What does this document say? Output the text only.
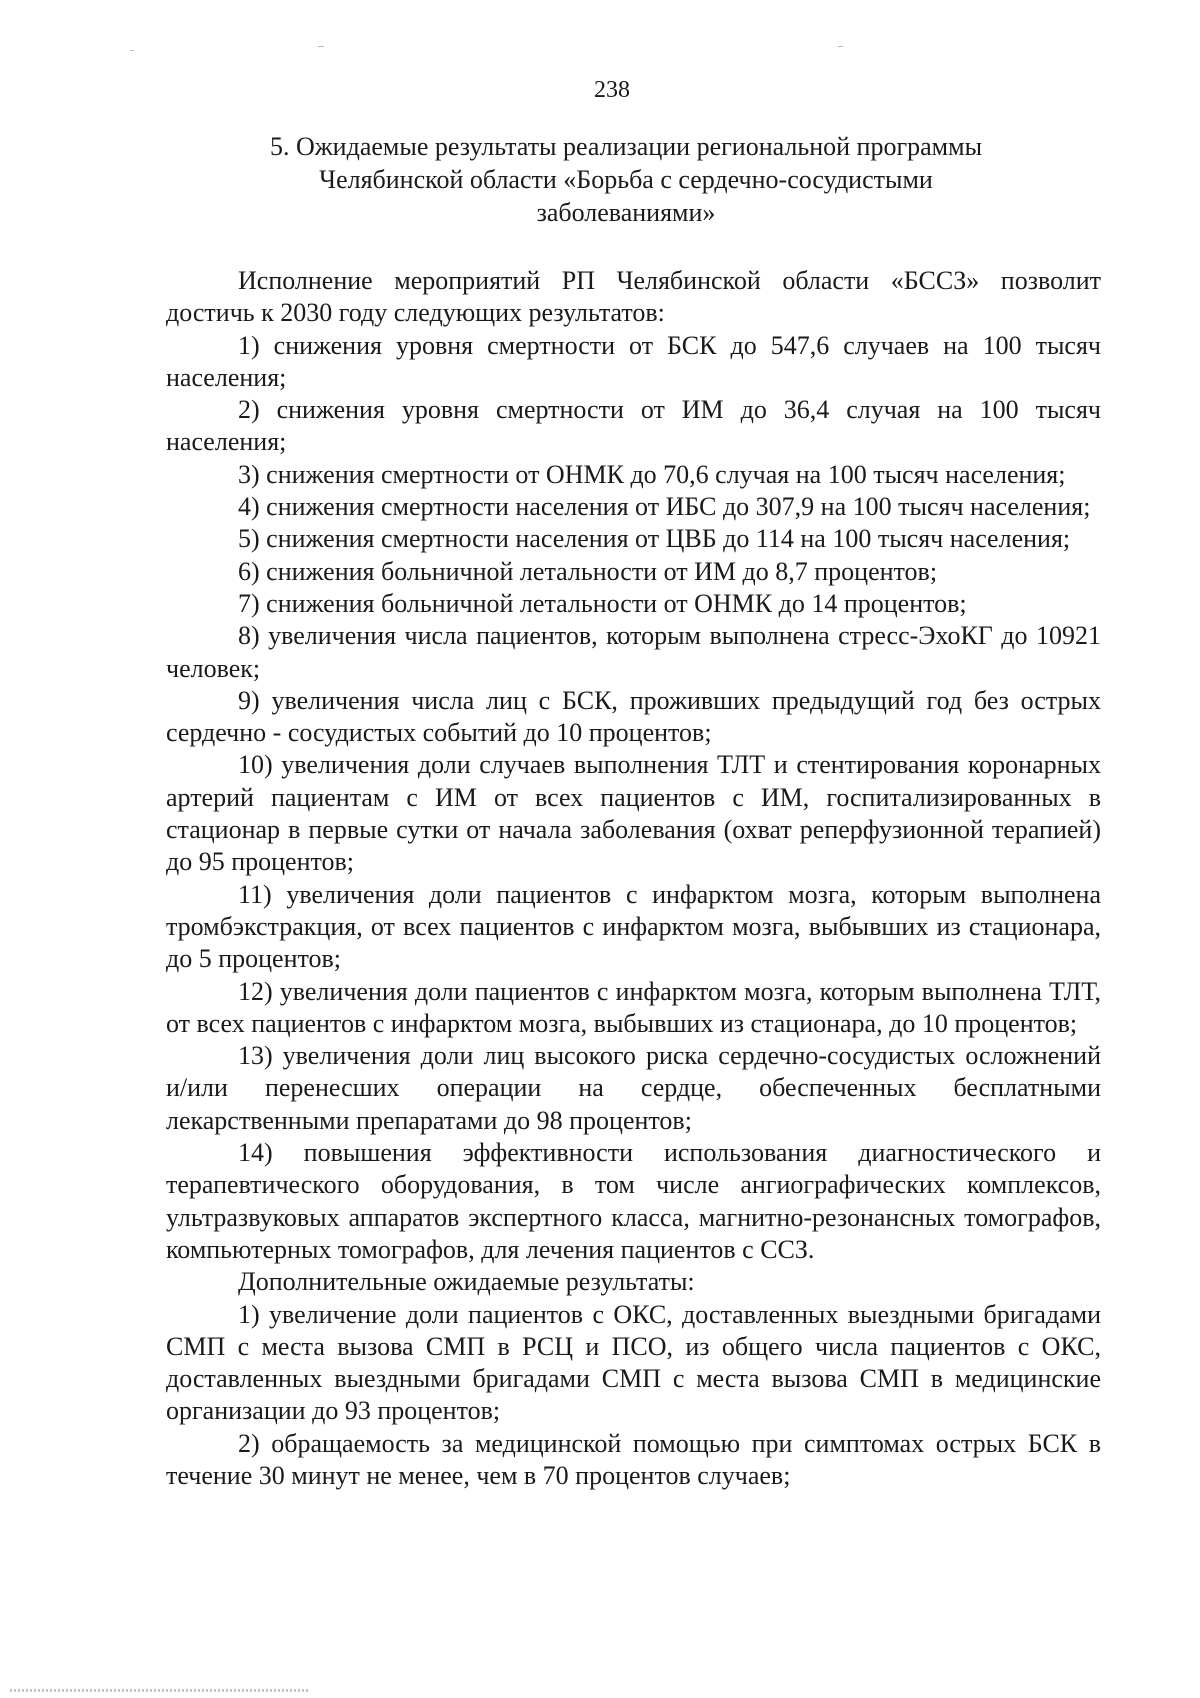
238
5. Ожидаемые результаты реализации региональной программы
Челябинской области «Борьба с сердечно-сосудистыми
заболеваниями»

Исполнение мероприятий РП Челябинской области «БССЗ» позволит достичь к 2030 году следующих результатов:

1) снижения уровня смертности от БСК до 547,6 случаев на 100 тысяч населения;

2) снижения уровня смертности от ИМ до 36,4 случая на 100 тысяч населения;

3) снижения смертности от ОНМК до 70,6 случая на 100 тысяч населения;

4) снижения смертности населения от ИБС до 307,9 на 100 тысяч населения;

5) снижения смертности населения от ЦВБ до 114 на 100 тысяч населения;

6) снижения больничной летальности от ИМ до 8,7 процентов;

7) снижения больничной летальности от ОНМК до 14 процентов;

8) увеличения числа пациентов, которым выполнена стресс-ЭхоКГ до 10921 человек;

9) увеличения числа лиц с БСК, проживших предыдущий год без острых сердечно - сосудистых событий до 10 процентов;

10) увеличения доли случаев выполнения ТЛТ и стентирования коронарных артерий пациентам с ИМ от всех пациентов с ИМ, госпитализированных в стационар в первые сутки от начала заболевания (охват реперфузионной терапией) до 95 процентов;

11) увеличения доли пациентов с инфарктом мозга, которым выполнена тромбэкстракция, от всех пациентов с инфарктом мозга, выбывших из стационара, до 5 процентов;

12) увеличения доли пациентов с инфарктом мозга, которым выполнена ТЛТ, от всех пациентов с инфарктом мозга, выбывших из стационара, до 10 процентов;

13) увеличения доли лиц высокого риска сердечно-сосудистых осложнений и/или перенесших операции на сердце, обеспеченных бесплатными лекарственными препаратами до 98 процентов;

14) повышения эффективности использования диагностического и терапевтического оборудования, в том числе ангиографических комплексов, ультразвуковых аппаратов экспертного класса, магнитно-резонансных томографов, компьютерных томографов, для лечения пациентов с ССЗ.

Дополнительные ожидаемые результаты:

1) увеличение доли пациентов с ОКС, доставленных выездными бригадами СМП с места вызова СМП в РСЦ и ПСО, из общего числа пациентов с ОКС, доставленных выездными бригадами СМП с места вызова СМП в медицинские организации до 93 процентов;

2) обращаемость за медицинской помощью при симптомах острых БСК в течение 30 минут не менее, чем в 70 процентов случаев;
